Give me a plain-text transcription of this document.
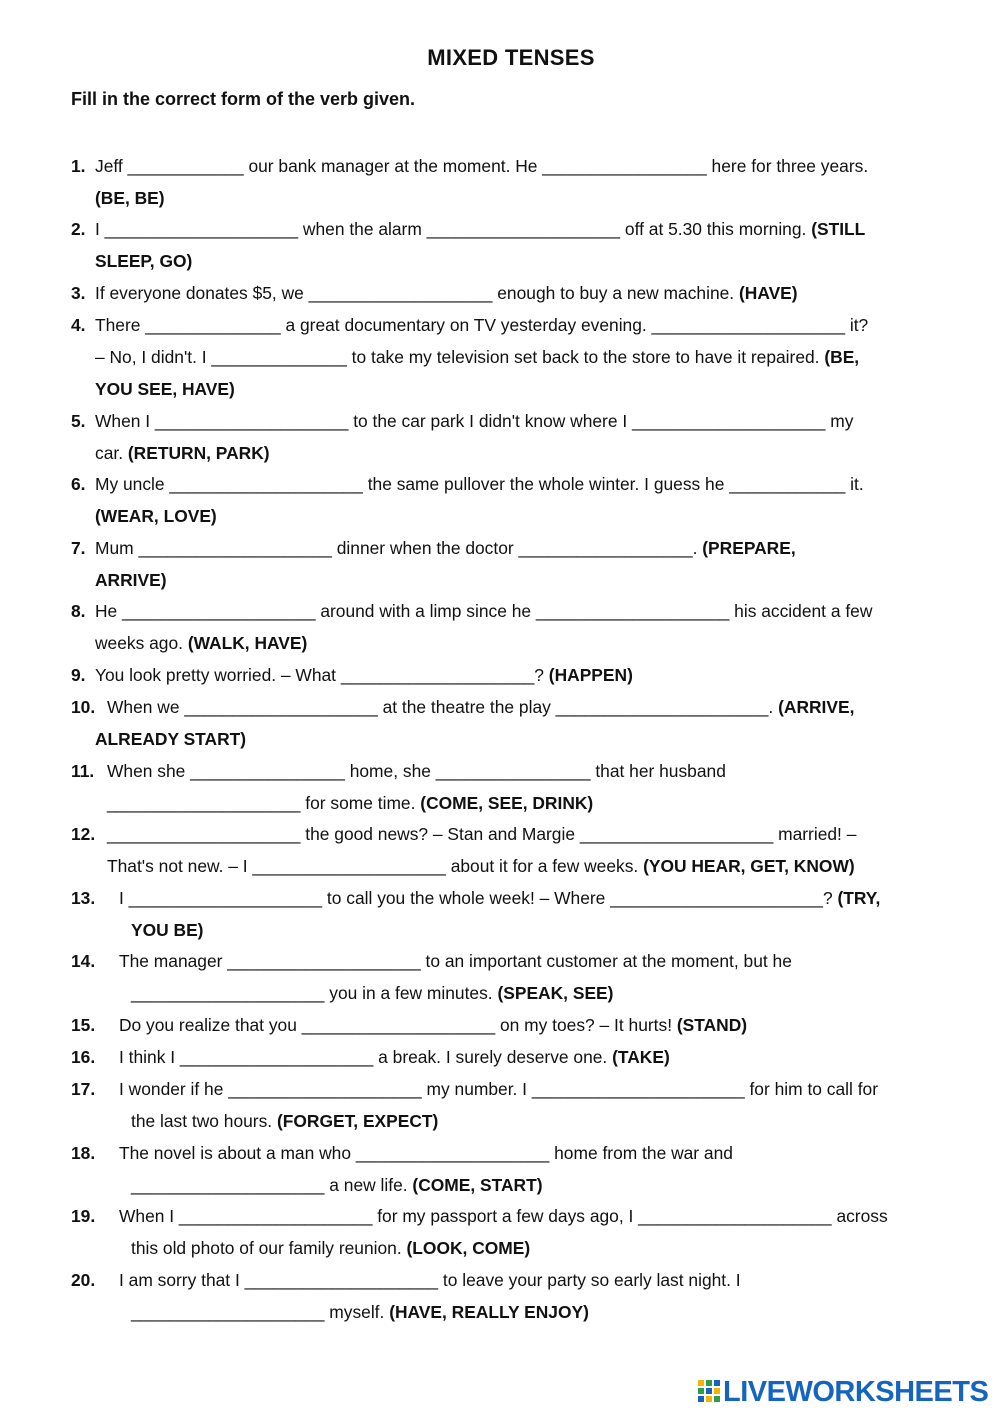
MIXED TENSES
Fill in the correct form of the verb given.
1. Jeff ____________ our bank manager at the moment. He _________________ here for three years.
(BE, BE)
2. I ____________________ when the alarm ____________________ off at 5.30 this morning. (STILL
SLEEP, GO)
3. If everyone donates $5, we ___________________ enough to buy a new machine. (HAVE)
4. There ______________ a great documentary on TV yesterday evening. ____________________ it?
– No, I didn't. I ______________ to take my television set back to the store to have it repaired. (BE,
YOU SEE, HAVE)
5. When I ____________________ to the car park I didn't know where I ____________________ my
car. (RETURN, PARK)
6. My uncle ____________________ the same pullover the whole winter. I guess he ____________ it.
(WEAR, LOVE)
7. Mum ____________________ dinner when the doctor __________________. (PREPARE,
ARRIVE)
8. He ____________________ around with a limp since he ____________________ his accident a few
weeks ago. (WALK, HAVE)
9. You look pretty worried. – What ____________________? (HAPPEN)
10. When we ____________________ at the theatre the play ______________________. (ARRIVE,
ALREADY START)
11. When she ________________ home, she ________________ that her husband
____________________ for some time. (COME, SEE, DRINK)
12. ____________________ the good news? – Stan and Margie ____________________ married! –
That's not new. – I ____________________ about it for a few weeks. (YOU HEAR, GET, KNOW)
13. I ____________________ to call you the whole week! – Where ______________________? (TRY,
YOU BE)
14. The manager ____________________ to an important customer at the moment, but he
____________________ you in a few minutes. (SPEAK, SEE)
15. Do you realize that you ____________________ on my toes? – It hurts! (STAND)
16. I think I ____________________ a break. I surely deserve one. (TAKE)
17. I wonder if he ____________________ my number. I ______________________ for him to call for
the last two hours. (FORGET, EXPECT)
18. The novel is about a man who ____________________ home from the war and
____________________ a new life. (COME, START)
19. When I ____________________ for my passport a few days ago, I ____________________ across
this old photo of our family reunion. (LOOK, COME)
20. I am sorry that I ____________________ to leave your party so early last night. I
____________________ myself. (HAVE, REALLY ENJOY)
LIVEWORKSHEETS
